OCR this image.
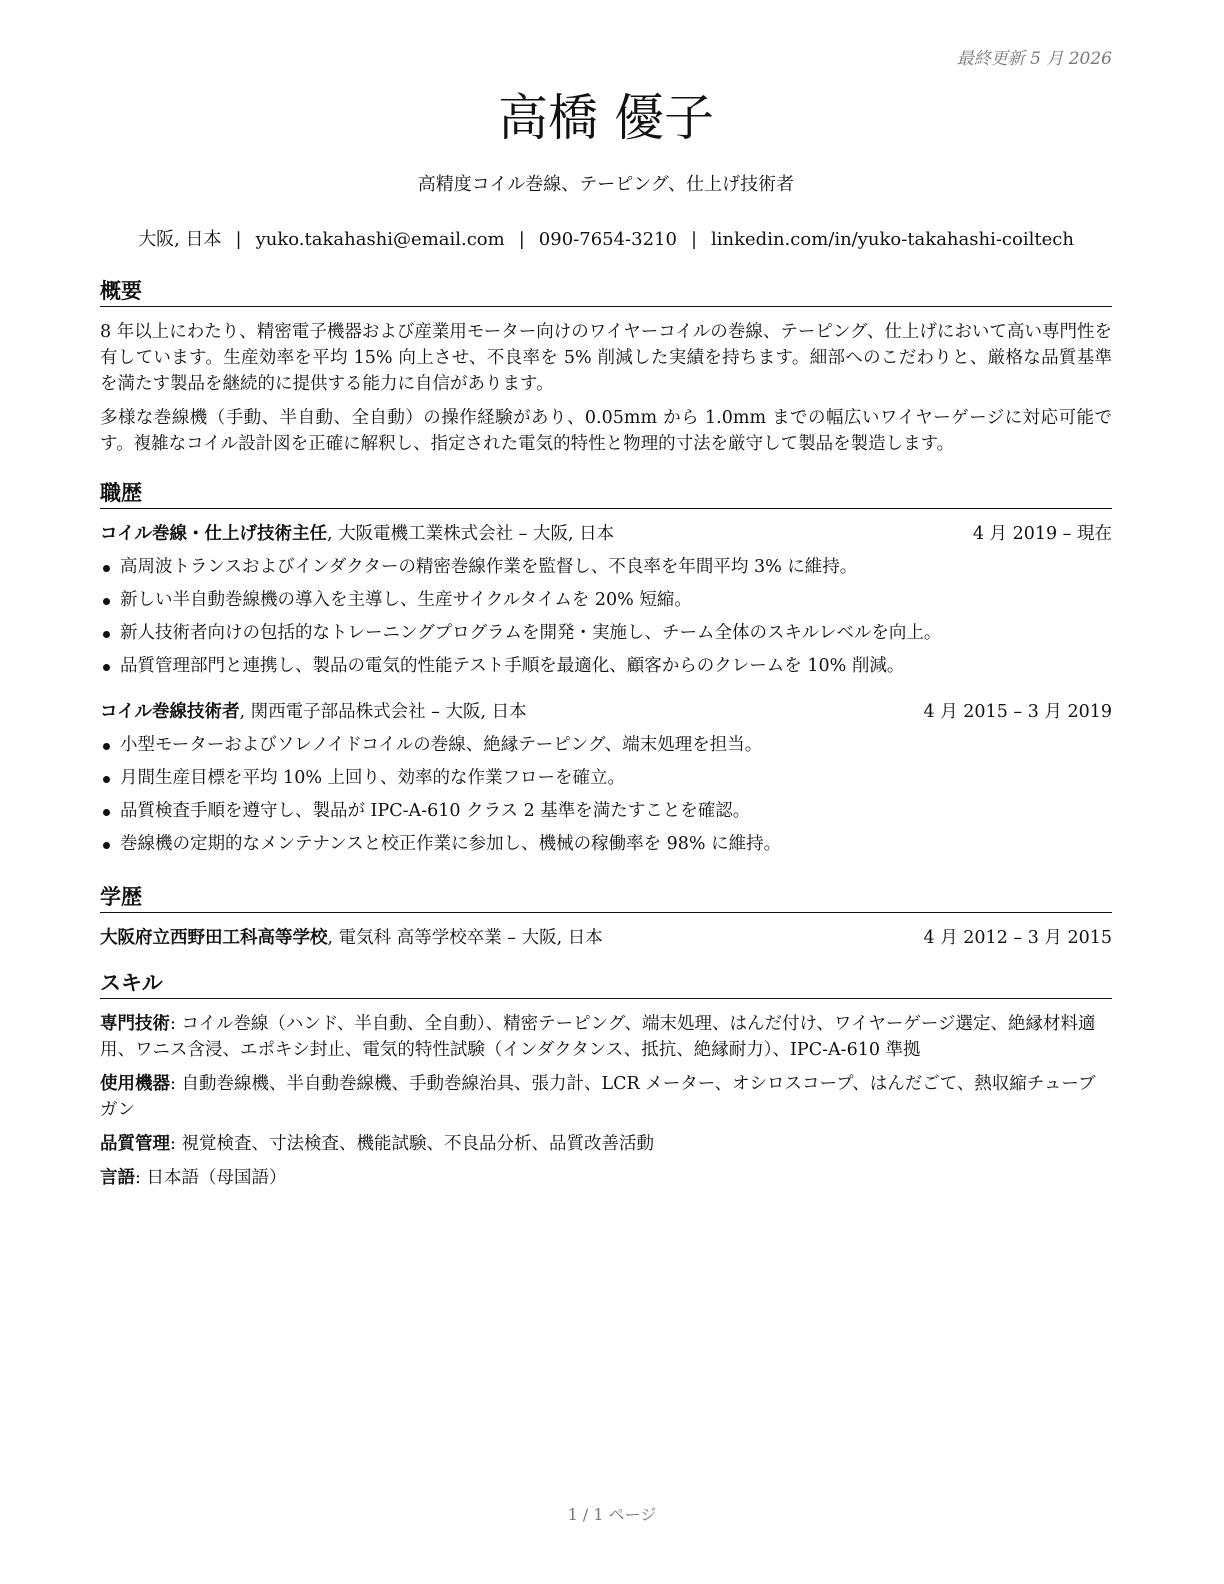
最終更新 5 月 2026
高橋 優子
高精度コイル巻線、テーピング、仕上げ技術者
大阪, 日本 | yuko.takahashi@email.com | 090-7654-3210 | linkedin.com/in/yuko-takahashi-coiltech
概要

8 年以上にわたり、精密電子機器および産業用モーター向けのワイヤーコイルの巻線、テーピング、仕上げにおいて高い専門性を有しています。生産効率を平均 15% 向上させ、不良率を 5% 削減した実績を持ちます。細部へのこだわりと、厳格な品質基準を満たす製品を継続的に提供する能力に自信があります。

多様な巻線機（手動、半自動、全自動）の操作経験があり、0.05mm から 1.0mm までの幅広いワイヤーゲージに対応可能です。複雑なコイル設計図を正確に解釈し、指定された電気的特性と物理的寸法を厳守して製品を製造します。

職歴
コイル巻線・仕上げ技術主任, 大阪電機工業株式会社 – 大阪, 日本	4 月 2019 – 現在
高周波トランスおよびインダクターの精密巻線作業を監督し、不良率を年間平均 3% に維持。
新しい半自動巻線機の導入を主導し、生産サイクルタイムを 20% 短縮。
新人技術者向けの包括的なトレーニングプログラムを開発・実施し、チーム全体のスキルレベルを向上。
品質管理部門と連携し、製品の電気的性能テスト手順を最適化、顧客からのクレームを 10% 削減。
コイル巻線技術者, 関西電子部品株式会社 – 大阪, 日本	4 月 2015 – 3 月 2019
小型モーターおよびソレノイドコイルの巻線、絶縁テーピング、端末処理を担当。
月間生産目標を平均 10% 上回り、効率的な作業フローを確立。
品質検査手順を遵守し、製品が IPC-A-610 クラス 2 基準を満たすことを確認。
巻線機の定期的なメンテナンスと校正作業に参加し、機械の稼働率を 98% に維持。
学歴
大阪府立西野田工科高等学校, 電気科 高等学校卒業 – 大阪, 日本	4 月 2012 – 3 月 2015
スキル

専門技術: コイル巻線（ハンド、半自動、全自動）、精密テーピング、端末処理、はんだ付け、ワイヤーゲージ選定、絶縁材料適用、ワニス含浸、エポキシ封止、電気的特性試験（インダクタンス、抵抗、絶縁耐力）、IPC-A-610 準拠

使用機器: 自動巻線機、半自動巻線機、手動巻線治具、張力計、LCR メーター、オシロスコープ、はんだごて、熱収縮チューブガン

品質管理: 視覚検査、寸法検査、機能試験、不良品分析、品質改善活動

言語: 日本語（母国語）

1 / 1 ページ
